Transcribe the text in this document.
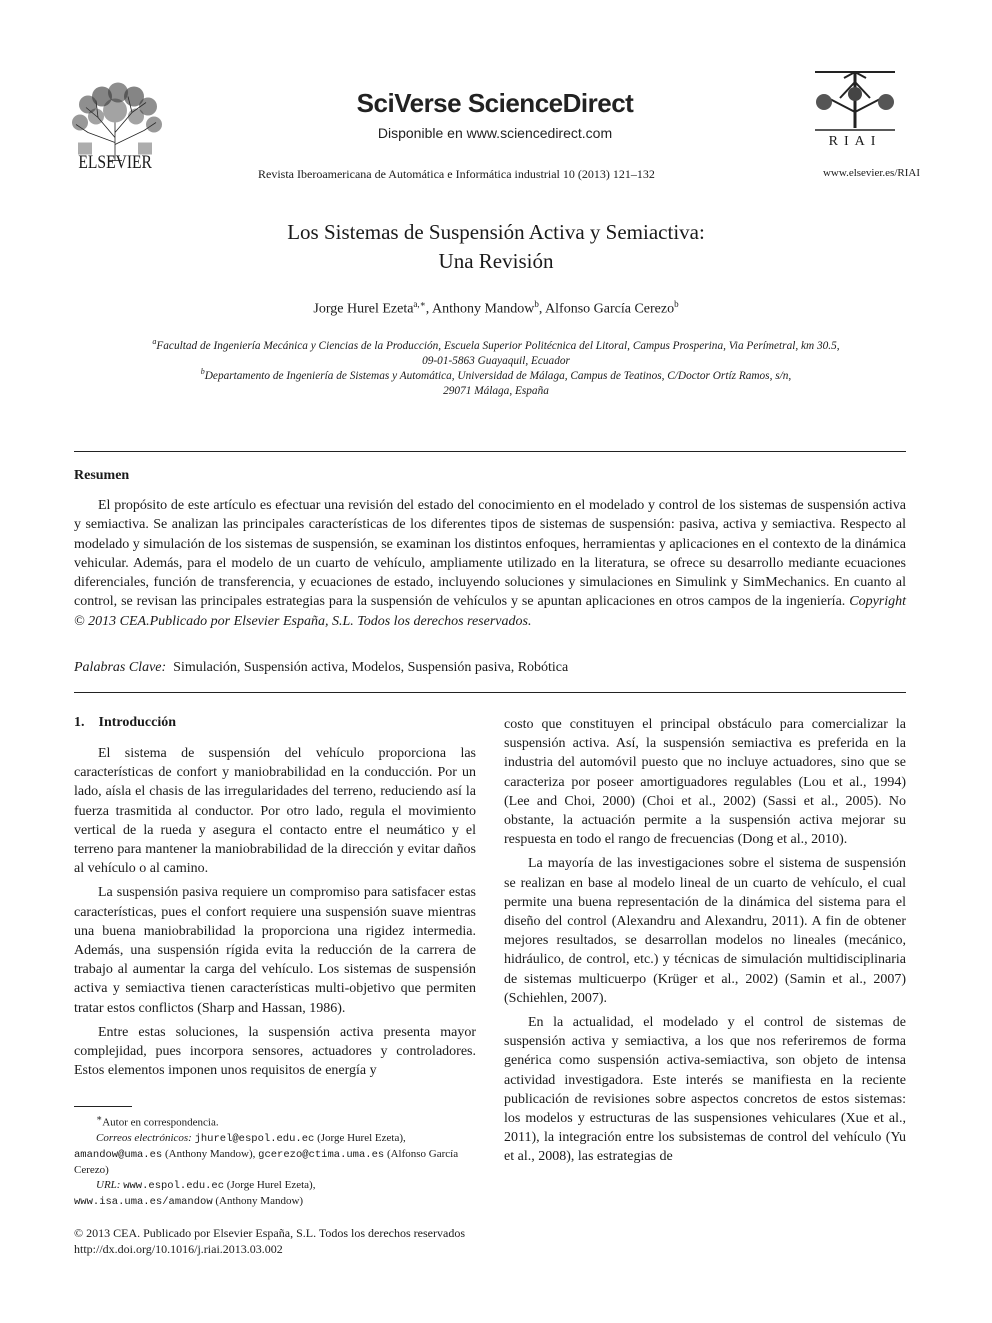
ELSEVIER
SciVerse ScienceDirect
Disponible en www.sciencedirect.com
Revista Iberoamericana de Automática e Informática industrial 10 (2013) 121–132
RIAI
www.elsevier.es/RIAI
Los Sistemas de Suspensión Activa y Semiactiva:
Una Revisión
Jorge Hurel Ezeta$^{a,∗}$, Anthony Mandow$^b$, Alfonso García Cerezo$^b$
$^a$Facultad de Ingeniería Mecánica y Ciencias de la Producción, Escuela Superior Politécnica del Litoral, Campus Prosperina, Via Perímetral, km 30.5,
09-01-5863 Guayaquil, Ecuador
$^b$Departamento de Ingeniería de Sistemas y Automática, Universidad de Málaga, Campus de Teatinos, C/Doctor Ortíz Ramos, s/n,
29071 Málaga, España
Resumen
El propósito de este artículo es efectuar una revisión del estado del conocimiento en el modelado y control de los sistemas de suspensión activa y semiactiva. Se analizan las principales características de los diferentes tipos de sistemas de suspensión: pasiva, activa y semiactiva. Respecto al modelado y simulación de los sistemas de suspensión, se examinan los distintos enfoques, herramientas y aplicaciones en el contexto de la dinámica vehicular. Además, para el modelo de un cuarto de vehículo, ampliamente utilizado en la literatura, se ofrece su desarrollo mediante ecuaciones diferenciales, función de transferencia, y ecuaciones de estado, incluyendo soluciones y simulaciones en Simulink y SimMechanics. En cuanto al control, se revisan las principales estrategias para la suspensión de vehículos y se apuntan aplicaciones en otros campos de la ingeniería. Copyright © 2013 CEA.Publicado por Elsevier España, S.L. Todos los derechos reservados.
Palabras Clave: Simulación, Suspensión activa, Modelos, Suspensión pasiva, Robótica
1.    Introducción

El sistema de suspensión del vehículo proporciona las características de confort y maniobrabilidad en la conducción. Por un lado, aísla el chasis de las irregularidades del terreno, reduciendo así la fuerza trasmitida al conductor. Por otro lado, regula el movimiento vertical de la rueda y asegura el contacto entre el neumático y el terreno para mantener la maniobrabilidad de la dirección y evitar daños al vehículo o al camino.

La suspensión pasiva requiere un compromiso para satisfacer estas características, pues el confort requiere una suspensión suave mientras una buena maniobrabilidad la proporciona una rigidez intermedia. Además, una suspensión rígida evita la reducción de la carrera de trabajo al aumentar la carga del vehículo. Los sistemas de suspensión activa y semiactiva tienen características multi-objetivo que permiten tratar estos conflictos (Sharp and Hassan, 1986).

Entre estas soluciones, la suspensión activa presenta mayor complejidad, pues incorpora sensores, actuadores y controladores. Estos elementos imponen unos requisitos de energía y

costo que constituyen el principal obstáculo para comercializar la suspensión activa. Así, la suspensión semiactiva es preferida en la industria del automóvil puesto que no incluye actuadores, sino que se caracteriza por poseer amortiguadores regulables (Lou et al., 1994) (Lee and Choi, 2000) (Choi et al., 2002) (Sassi et al., 2005). No obstante, la actuación permite a la suspensión activa mejorar su respuesta en todo el rango de frecuencias (Dong et al., 2010).

La mayoría de las investigaciones sobre el sistema de suspensión se realizan en base al modelo lineal de un cuarto de vehículo, el cual permite una buena representación de la dinámica del sistema para el diseño del control (Alexandru and Alexandru, 2011). A fin de obtener mejores resultados, se desarrollan modelos no lineales (mecánico, hidráulico, de control, etc.) y técnicas de simulación multidisciplinaria de sistemas multicuerpo (Krüger et al., 2002) (Samin et al., 2007) (Schiehlen, 2007).

En la actualidad, el modelado y el control de sistemas de suspensión activa y semiactiva, a los que nos referiremos de forma genérica como suspensión activa-semiactiva, son objeto de intensa actividad investigadora. Este interés se manifiesta en la reciente publicación de revisiones sobre aspectos concretos de estos sistemas: los modelos y estructuras de las suspensiones vehiculares (Xue et al., 2011), la integración entre los subsistemas de control del vehículo (Yu et al., 2008), las estrategias de

∗Autor en correspondencia.
Correos electrónicos: jhurel@espol.edu.ec (Jorge Hurel Ezeta),
amandow@uma.es (Anthony Mandow), gcerezo@ctima.uma.es (Alfonso García Cerezo)
URL: www.espol.edu.ec (Jorge Hurel Ezeta),
www.isa.uma.es/amandow (Anthony Mandow)
© 2013 CEA. Publicado por Elsevier España, S.L. Todos los derechos reservados
http://dx.doi.org/10.1016/j.riai.2013.03.002
